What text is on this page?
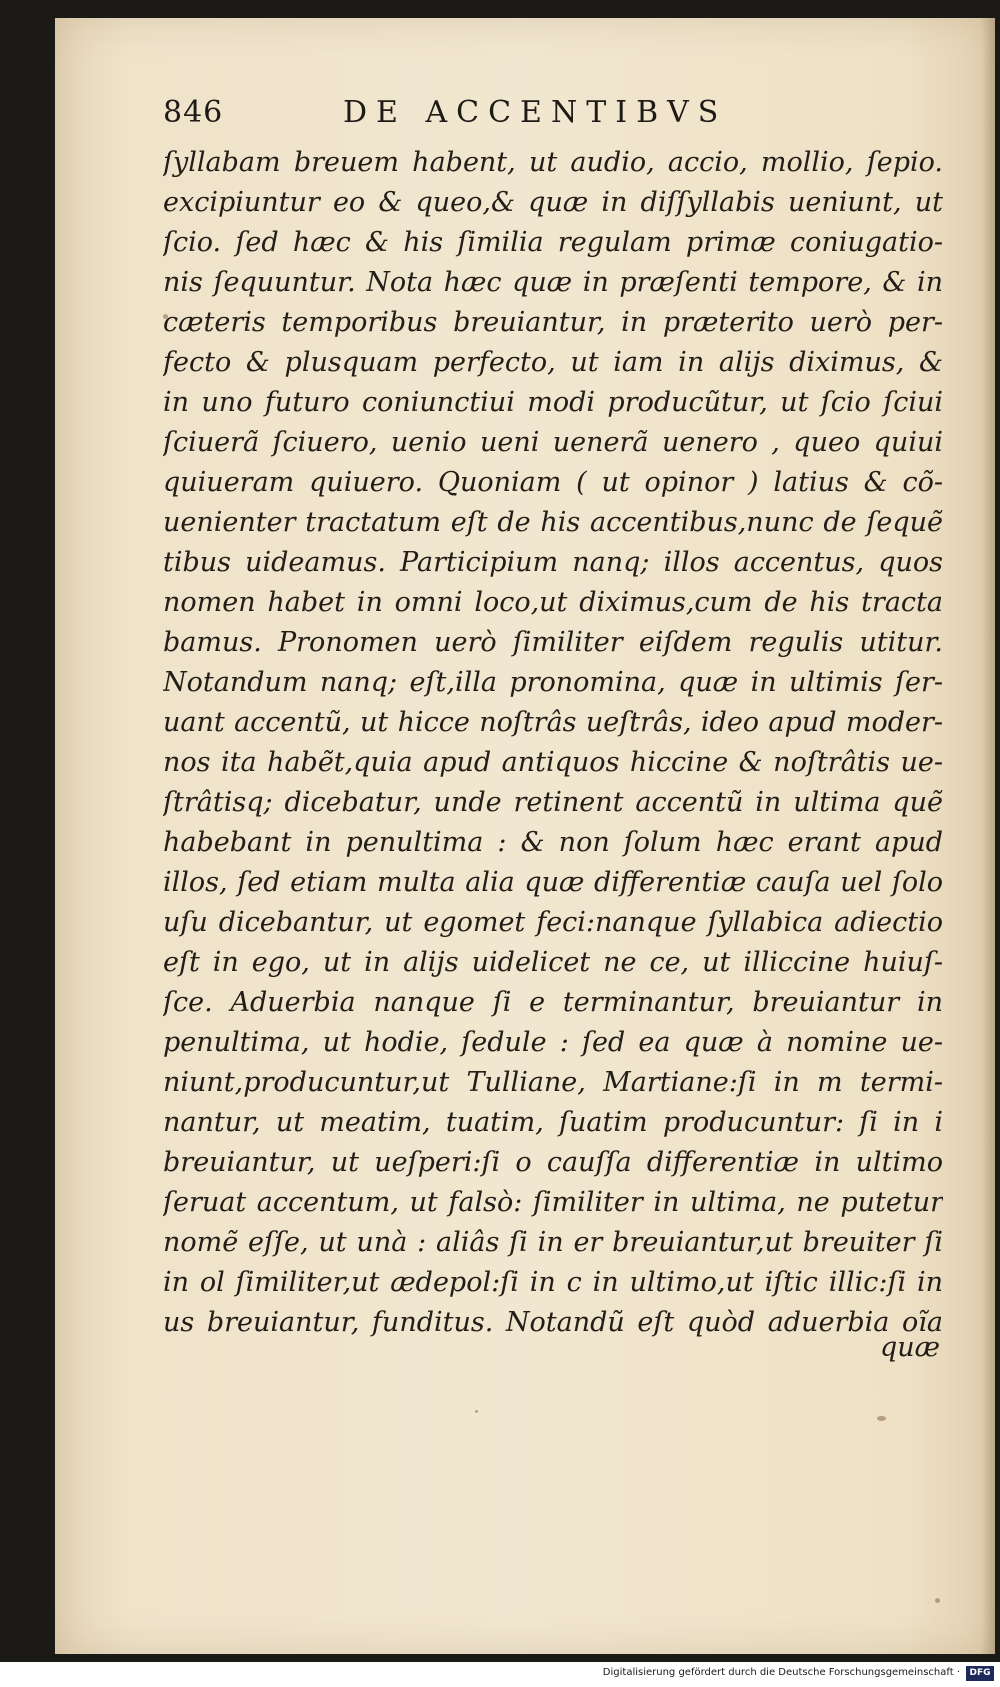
846	DE ACCENTIBVS
ſyllabam breuem habent, ut audio, accio, mollio, ſepio.
excipiuntur eo & queo,& quæ in diſſyllabis ueniunt, ut
ſcio. ſed hæc & his ſimilia regulam primæ coniugatio-
nis ſequuntur. Nota hæc quæ in præſenti tempore, & in
cæteris temporibus breuiantur, in præterito uerò per-
fecto & plusquam perfecto, ut iam in alijs diximus, &
in uno futuro coniunctiui modi producũtur, ut ſcio ſciui
ſciuerã ſciuero, uenio ueni uenerã uenero , queo quiui
quiueram quiuero. Quoniam ( ut opinor ) latius & cõ-
uenienter tractatum eſt de his accentibus,nunc de ſequẽ
tibus uideamus. Participium nanq; illos accentus, quos
nomen habet in omni loco,ut diximus,cum de his tracta
bamus. Pronomen uerò ſimiliter eiſdem regulis utitur.
Notandum nanq; eſt,illa pronomina, quæ in ultimis ſer-
uant accentũ, ut hicce noſtrâs ueſtrâs, ideo apud moder-
nos ita habẽt,quia apud antiquos hiccine & noſtrâtis ue-
ſtrâtisq; dicebatur, unde retinent accentũ in ultima quẽ
habebant in penultima : & non ſolum hæc erant apud
illos, ſed etiam multa alia quæ differentiæ cauſa uel ſolo
uſu dicebantur, ut egomet feci:nanque ſyllabica adiectio
eſt in ego, ut in alijs uidelicet ne ce, ut illiccine huiuſ-
ſce. Aduerbia nanque ſi e terminantur, breuiantur in
penultima, ut hodie, ſedule : ſed ea quæ à nomine ue-
niunt,producuntur,ut Tulliane, Martiane:ſi in m termi-
nantur, ut meatim, tuatim, ſuatim producuntur: ſi in i
breuiantur, ut ueſperi:ſi o cauſſa differentiæ in ultimo
ſeruat accentum, ut falsò: ſimiliter in ultima, ne putetur
nomẽ eſſe, ut unà : aliâs ſi in er breuiantur,ut breuiter ſi
in ol ſimiliter,ut ædepol:ſi in c in ultimo,ut iſtic illic:ſi in
us breuiantur, funditus. Notandũ eſt quòd aduerbia oĩa
quæ
Digitalisierung gefördert durch die Deutsche Forschungsgemeinschaft ·	DFG
